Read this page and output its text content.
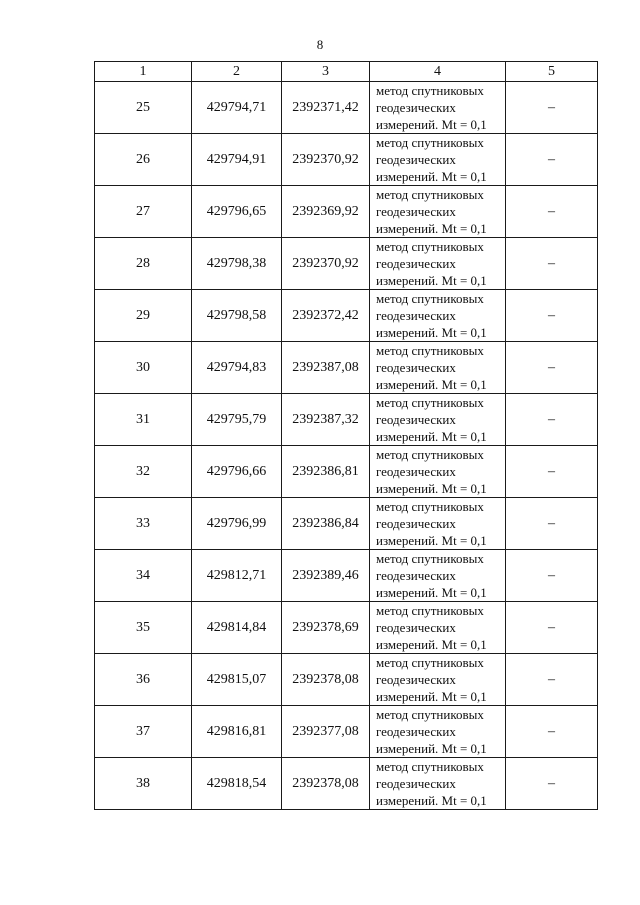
8
1	2	3	4	5
25	429794,71	2392371,42	метод спутниковых
геодезических
измерений. Mt = 0,1	–
26	429794,91	2392370,92	метод спутниковых
геодезических
измерений. Mt = 0,1	–
27	429796,65	2392369,92	метод спутниковых
геодезических
измерений. Mt = 0,1	–
28	429798,38	2392370,92	метод спутниковых
геодезических
измерений. Mt = 0,1	–
29	429798,58	2392372,42	метод спутниковых
геодезических
измерений. Mt = 0,1	–
30	429794,83	2392387,08	метод спутниковых
геодезических
измерений. Mt = 0,1	–
31	429795,79	2392387,32	метод спутниковых
геодезических
измерений. Mt = 0,1	–
32	429796,66	2392386,81	метод спутниковых
геодезических
измерений. Mt = 0,1	–
33	429796,99	2392386,84	метод спутниковых
геодезических
измерений. Mt = 0,1	–
34	429812,71	2392389,46	метод спутниковых
геодезических
измерений. Mt = 0,1	–
35	429814,84	2392378,69	метод спутниковых
геодезических
измерений. Mt = 0,1	–
36	429815,07	2392378,08	метод спутниковых
геодезических
измерений. Mt = 0,1	–
37	429816,81	2392377,08	метод спутниковых
геодезических
измерений. Mt = 0,1	–
38	429818,54	2392378,08	метод спутниковых
геодезических
измерений. Mt = 0,1	–
